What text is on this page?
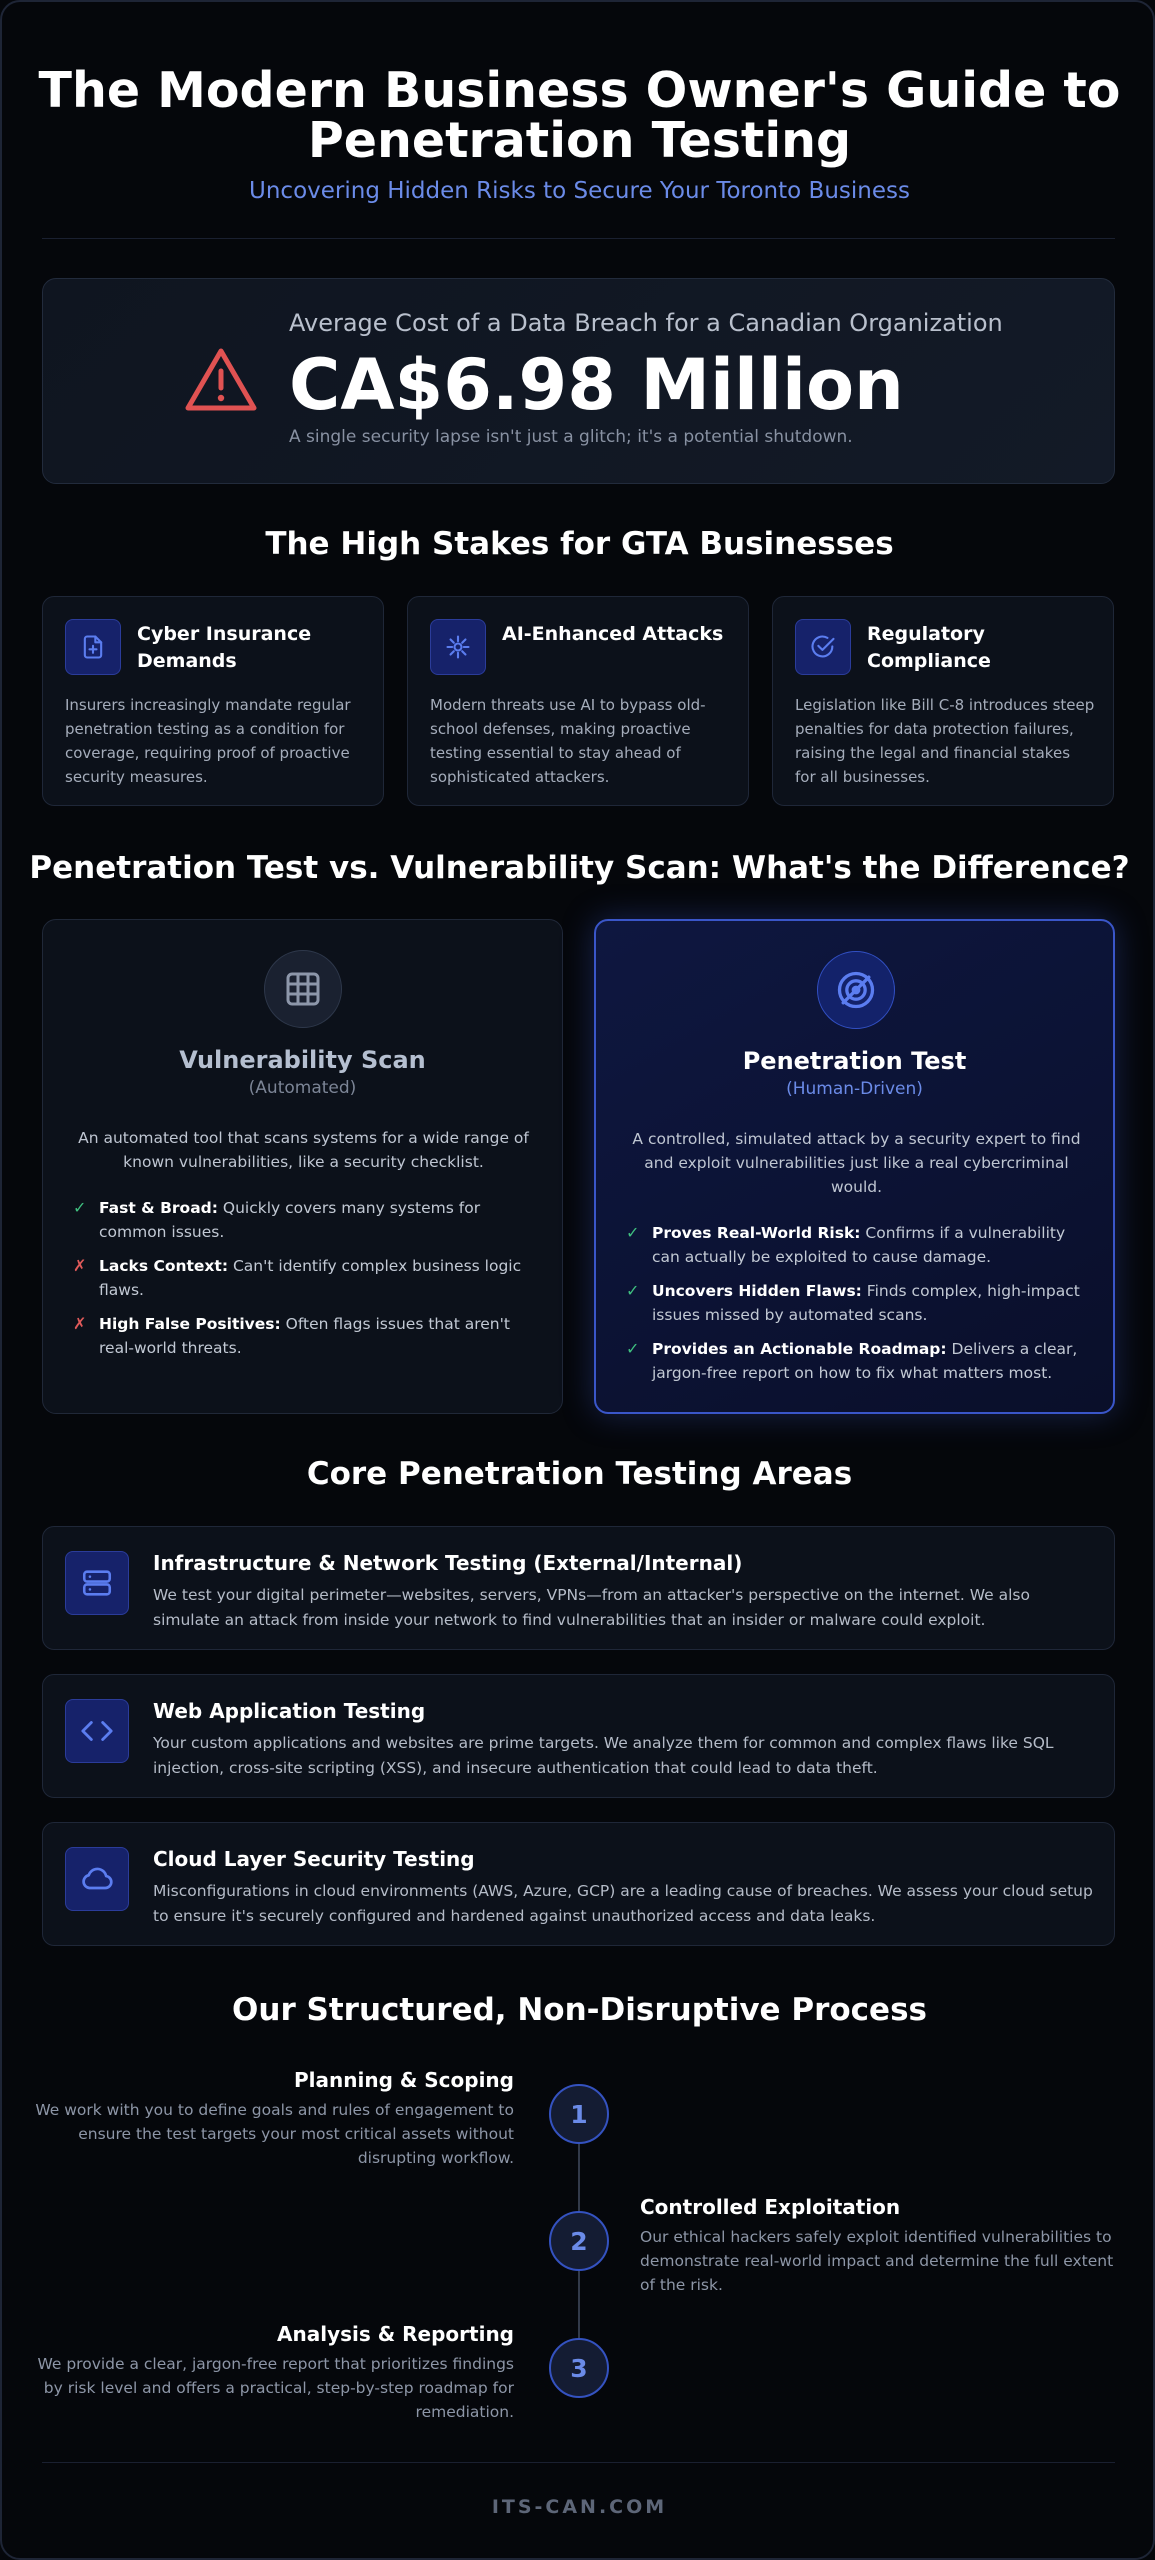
The Modern Business Owner's Guide to Penetration Testing
Uncovering Hidden Risks to Secure Your Toronto Business
Average Cost of a Data Breach for a Canadian Organization
CA$6.98 Million
A single security lapse isn't just a glitch; it's a potential shutdown.
The High Stakes for GTA Businesses
Cyber Insurance Demands
Insurers increasingly mandate regular penetration testing as a condition for coverage, requiring proof of proactive security measures.
AI-Enhanced Attacks
Modern threats use AI to bypass old-school defenses, making proactive testing essential to stay ahead of sophisticated attackers.
Regulatory Compliance
Legislation like Bill C-8 introduces steep penalties for data protection failures, raising the legal and financial stakes for all businesses.
Penetration Test vs. Vulnerability Scan: What's the Difference?
Vulnerability Scan
(Automated)
An automated tool that scans systems for a wide range of known vulnerabilities, like a security checklist.
✓ Fast & Broad: Quickly covers many systems for common issues.
✗ Lacks Context: Can't identify complex business logic flaws.
✗ High False Positives: Often flags issues that aren't real-world threats.
Penetration Test
(Human-Driven)
A controlled, simulated attack by a security expert to find and exploit vulnerabilities just like a real cybercriminal would.
✓ Proves Real-World Risk: Confirms if a vulnerability can actually be exploited to cause damage.
✓ Uncovers Hidden Flaws: Finds complex, high-impact issues missed by automated scans.
✓ Provides an Actionable Roadmap: Delivers a clear, jargon-free report on how to fix what matters most.
Core Penetration Testing Areas
Infrastructure & Network Testing (External/Internal)
We test your digital perimeter—websites, servers, VPNs—from an attacker's perspective on the internet. We also simulate an attack from inside your network to find vulnerabilities that an insider or malware could exploit.
Web Application Testing
Your custom applications and websites are prime targets. We analyze them for common and complex flaws like SQL injection, cross-site scripting (XSS), and insecure authentication that could lead to data theft.
Cloud Layer Security Testing
Misconfigurations in cloud environments (AWS, Azure, GCP) are a leading cause of breaches. We assess your cloud setup to ensure it's securely configured and hardened against unauthorized access and data leaks.
Our Structured, Non-Disruptive Process
Planning & Scoping
We work with you to define goals and rules of engagement to ensure the test targets your most critical assets without disrupting workflow.
1
2
Controlled Exploitation
Our ethical hackers safely exploit identified vulnerabilities to demonstrate real-world impact and determine the full extent of the risk.
Analysis & Reporting
We provide a clear, jargon-free report that prioritizes findings by risk level and offers a practical, step-by-step roadmap for remediation.
3
ITS-CAN.COM
